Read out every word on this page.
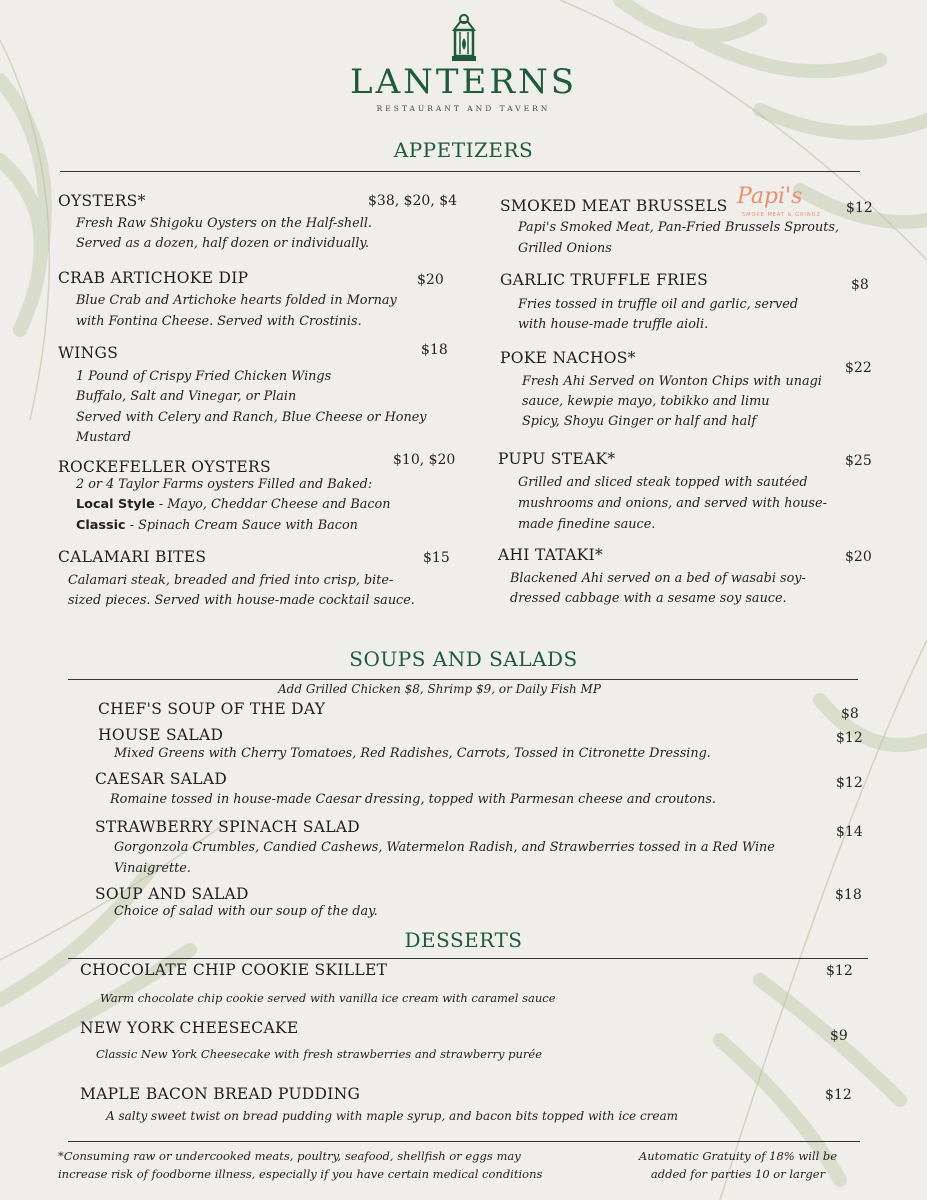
LANTERNS
RESTAURANT AND TAVERN
APPETIZERS
OYSTERS*	$38, $20, $4
Fresh Raw Shigoku Oysters on the Half-shell.
Served as a dozen, half dozen or individually.
CRAB ARTICHOKE DIP	$20
Blue Crab and Artichoke hearts folded in Mornay
with Fontina Cheese. Served with Crostinis.
WINGS	$18
1 Pound of Crispy Fried Chicken Wings
Buffalo, Salt and Vinegar, or Plain
Served with Celery and Ranch, Blue Cheese or Honey
Mustard
ROCKEFELLER OYSTERS	$10, $20
2 or 4 Taylor Farms oysters Filled and Baked:
Local Style - Mayo, Cheddar Cheese and Bacon
Classic - Spinach Cream Sauce with Bacon
CALAMARI BITES	$15
Calamari steak, breaded and fried into crisp, bite-
sized pieces. Served with house-made cocktail sauce.
SMOKED MEAT BRUSSELS Papi's
SMOKE MEAT & GRINDZ $12
Papi's Smoked Meat, Pan-Fried Brussels Sprouts,
Grilled Onions
GARLIC TRUFFLE FRIES	$8
Fries tossed in truffle oil and garlic, served
with house-made truffle aioli.
POKE NACHOS*
$22
Fresh Ahi Served on Wonton Chips with unagi
sauce, kewpie mayo, tobikko and limu
Spicy, Shoyu Ginger or half and half
PUPU STEAK*	$25
Grilled and sliced steak topped with sautéed
mushrooms and onions, and served with house-
made finedine sauce.
AHI TATAKI*	$20
Blackened Ahi served on a bed of wasabi soy-
dressed cabbage with a sesame soy sauce.
SOUPS AND SALADS
Add Grilled Chicken $8, Shrimp $9, or Daily Fish MP
CHEF'S SOUP OF THE DAY	$8
HOUSE SALAD	$12
Mixed Greens with Cherry Tomatoes, Red Radishes, Carrots, Tossed in Citronette Dressing.
CAESAR SALAD	$12
Romaine tossed in house-made Caesar dressing, topped with Parmesan cheese and croutons.
STRAWBERRY SPINACH SALAD	$14
Gorgonzola Crumbles, Candied Cashews, Watermelon Radish, and Strawberries tossed in a Red Wine
Vinaigrette.
SOUP AND SALAD	$18
Choice of salad with our soup of the day.
DESSERTS
CHOCOLATE CHIP COOKIE SKILLET	$12
Warm chocolate chip cookie served with vanilla ice cream with caramel sauce
NEW YORK CHEESECAKE	$9
Classic New York Cheesecake with fresh strawberries and strawberry purée
MAPLE BACON BREAD PUDDING	$12
A salty sweet twist on bread pudding with maple syrup, and bacon bits topped with ice cream
*Consuming raw or undercooked meats, poultry, seafood, shellfish or eggs may
increase risk of foodborne illness, especially if you have certain medical conditions
Automatic Gratuity of 18% will be
added for parties 10 or larger
